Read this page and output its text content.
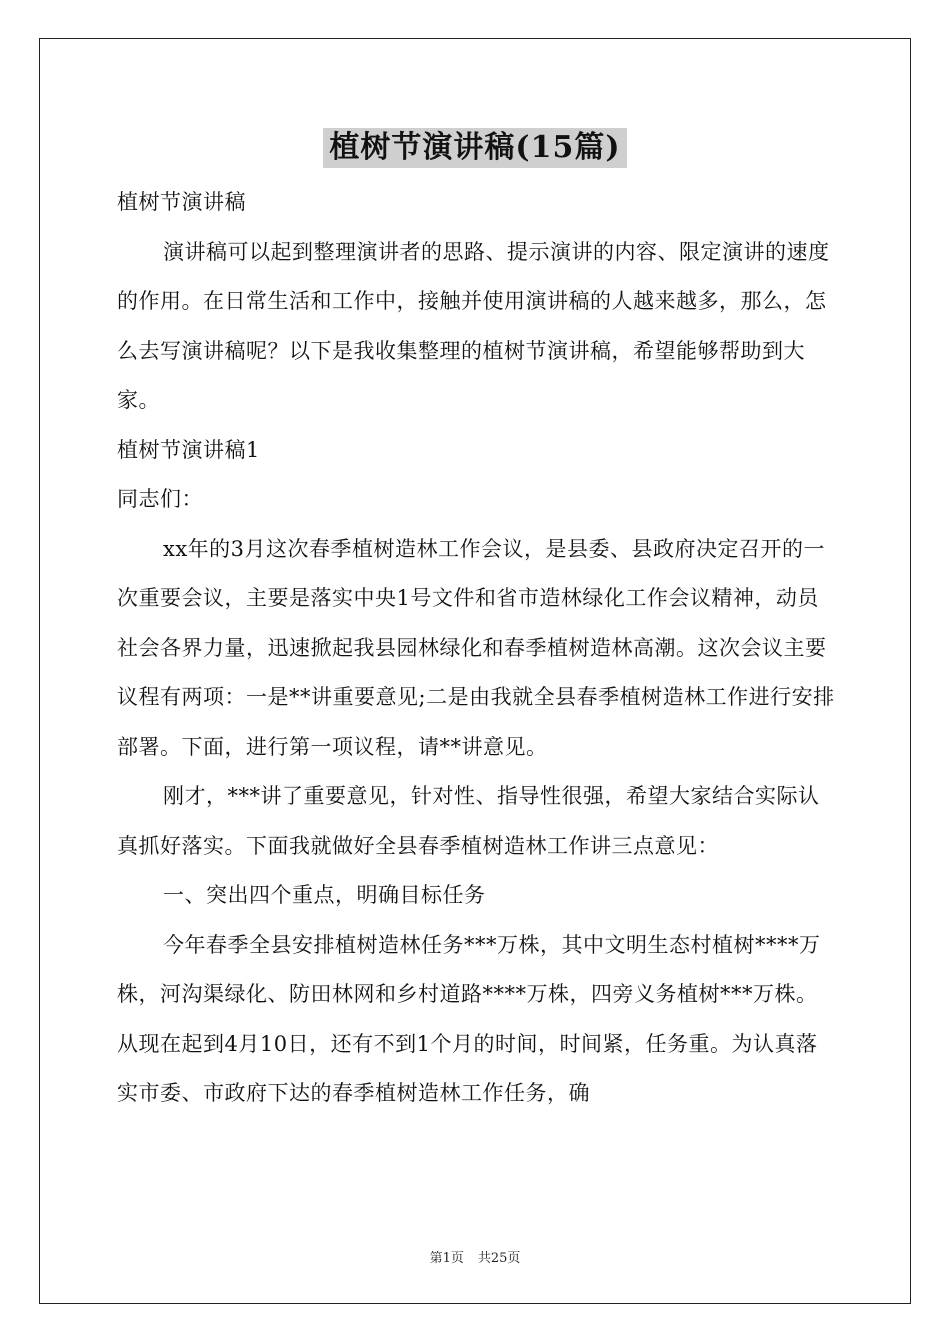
植树节演讲稿(15篇)

植树节演讲稿

演讲稿可以起到整理演讲者的思路、提示演讲的内容、限定演讲的速度的作用。在日常生活和工作中，接触并使用演讲稿的人越来越多，那么，怎么去写演讲稿呢？以下是我收集整理的植树节演讲稿，希望能够帮助到大家。

植树节演讲稿1

同志们：

xx年的3月这次春季植树造林工作会议，是县委、县政府决定召开的一次重要会议，主要是落实中央1号文件和省市造林绿化工作会议精神，动员社会各界力量，迅速掀起我县园林绿化和春季植树造林高潮。这次会议主要议程有两项：一是**讲重要意见;二是由我就全县春季植树造林工作进行安排部署。下面，进行第一项议程，请**讲意见。

刚才，***讲了重要意见，针对性、指导性很强，希望大家结合实际认真抓好落实。下面我就做好全县春季植树造林工作讲三点意见：

一、突出四个重点，明确目标任务

今年春季全县安排植树造林任务***万株，其中文明生态村植树****万株，河沟渠绿化、防田林网和乡村道路****万株，四旁义务植树***万株。从现在起到4月10日，还有不到1个月的时间，时间紧，任务重。为认真落实市委、市政府下达的春季植树造林工作任务，确

第1页 共25页
